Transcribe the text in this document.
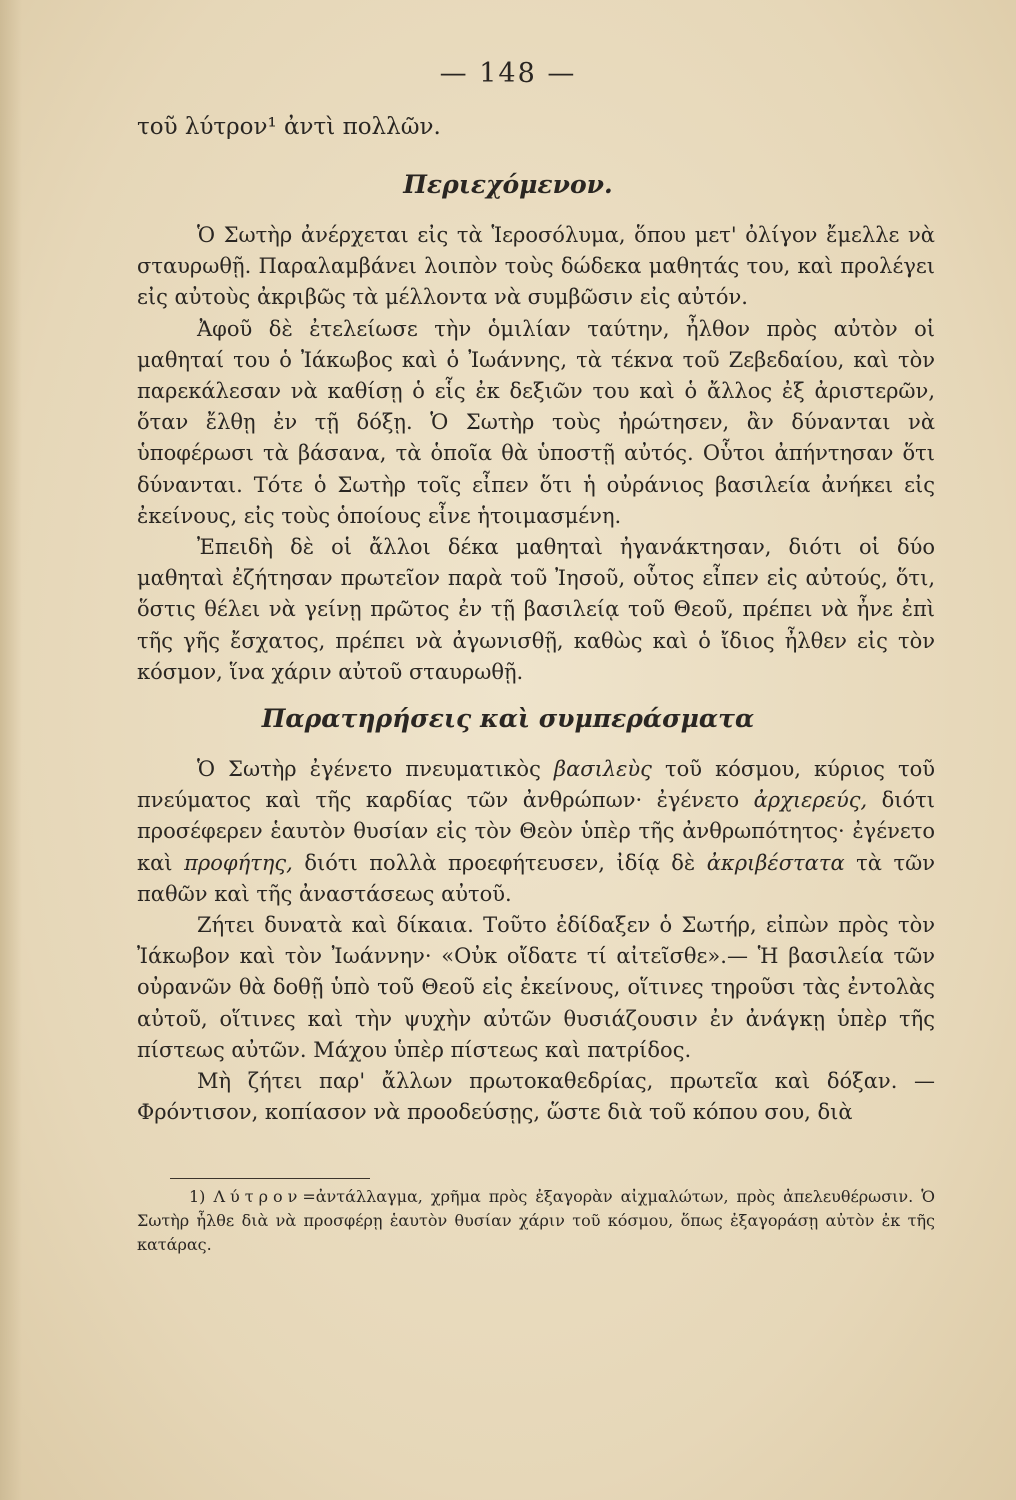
— 148 —

τοῦ λύτρον¹ ἀντὶ πολλῶν.

Περιεχόμενον.

Ὁ Σωτὴρ ἀνέρχεται εἰς τὰ Ἱεροσόλυμα, ὅπου μετ' ὀλίγον ἔμελλε νὰ σταυρωθῇ. Παραλαμβάνει λοιπὸν τοὺς δώδεκα μαθητάς του, καὶ προλέγει εἰς αὐτοὺς ἀκριβῶς τὰ μέλλοντα νὰ συμβῶσιν εἰς αὐτόν.

Ἀφοῦ δὲ ἐτελείωσε τὴν ὁμιλίαν ταύτην, ἦλθον πρὸς αὐτὸν οἱ μαθηταί του ὁ Ἰάκωβος καὶ ὁ Ἰωάννης, τὰ τέκνα τοῦ Ζεβεδαίου, καὶ τὸν παρεκάλεσαν νὰ καθίσῃ ὁ εἷς ἐκ δεξιῶν του καὶ ὁ ἄλλος ἐξ ἀριστερῶν, ὅταν ἔλθῃ ἐν τῇ δόξῃ. Ὁ Σωτὴρ τοὺς ἠρώτησεν, ἂν δύνανται νὰ ὑποφέρωσι τὰ βάσανα, τὰ ὁποῖα θὰ ὑποστῇ αὐτός. Οὗτοι ἀπήντησαν ὅτι δύνανται. Τότε ὁ Σωτὴρ τοῖς εἶπεν ὅτι ἡ οὐράνιος βασιλεία ἀνήκει εἰς ἐκείνους, εἰς τοὺς ὁποίους εἶνε ἡτοιμασμένη.

Ἐπειδὴ δὲ οἱ ἄλλοι δέκα μαθηταὶ ἠγανάκτησαν, διότι οἱ δύο μαθηταὶ ἐζήτησαν πρωτεῖον παρὰ τοῦ Ἰησοῦ, οὗτος εἶπεν εἰς αὐτούς, ὅτι, ὅστις θέλει νὰ γείνῃ πρῶτος ἐν τῇ βασιλείᾳ τοῦ Θεοῦ, πρέπει νὰ ἦνε ἐπὶ τῆς γῆς ἔσχατος, πρέπει νὰ ἀγωνισθῇ, καθὼς καὶ ὁ ἴδιος ἦλθεν εἰς τὸν κόσμον, ἵνα χάριν αὐτοῦ σταυρωθῇ.

Παρατηρήσεις καὶ συμπεράσματα

Ὁ Σωτὴρ ἐγένετο πνευματικὸς βασιλεὺς τοῦ κόσμου, κύριος τοῦ πνεύματος καὶ τῆς καρδίας τῶν ἀνθρώπων· ἐγένετο ἀρχιερεύς, διότι προσέφερεν ἑαυτὸν θυσίαν εἰς τὸν Θεὸν ὑπὲρ τῆς ἀνθρωπότητος· ἐγένετο καὶ προφήτης, διότι πολλὰ προεφήτευσεν, ἰδίᾳ δὲ ἀκριβέστατα τὰ τῶν παθῶν καὶ τῆς ἀναστάσεως αὐτοῦ.

Ζήτει δυνατὰ καὶ δίκαια. Τοῦτο ἐδίδαξεν ὁ Σωτήρ, εἰπὼν πρὸς τὸν Ἰάκωβον καὶ τὸν Ἰωάννην· «Οὐκ οἴδατε τί αἰτεῖσθε».— Ἡ βασιλεία τῶν οὐρανῶν θὰ δοθῇ ὑπὸ τοῦ Θεοῦ εἰς ἐκείνους, οἵτινες τηροῦσι τὰς ἐντολὰς αὐτοῦ, οἵτινες καὶ τὴν ψυχὴν αὐτῶν θυσιάζουσιν ἐν ἀνάγκῃ ὑπὲρ τῆς πίστεως αὐτῶν. Μάχου ὑπὲρ πίστεως καὶ πατρίδος.

Μὴ ζήτει παρ' ἄλλων πρωτοκαθεδρίας, πρωτεῖα καὶ δόξαν. — Φρόντισον, κοπίασον νὰ προοδεύσῃς, ὥστε διὰ τοῦ κόπου σου, διὰ

1) Λύτρον=ἀντάλλαγμα, χρῆμα πρὸς ἐξαγορὰν αἰχμαλώτων, πρὸς ἀπελευθέρωσιν. Ὁ Σωτὴρ ἦλθε διὰ νὰ προσφέρῃ ἑαυτὸν θυσίαν χάριν τοῦ κόσμου, ὅπως ἐξαγοράσῃ αὐτὸν ἐκ τῆς κατάρας.
